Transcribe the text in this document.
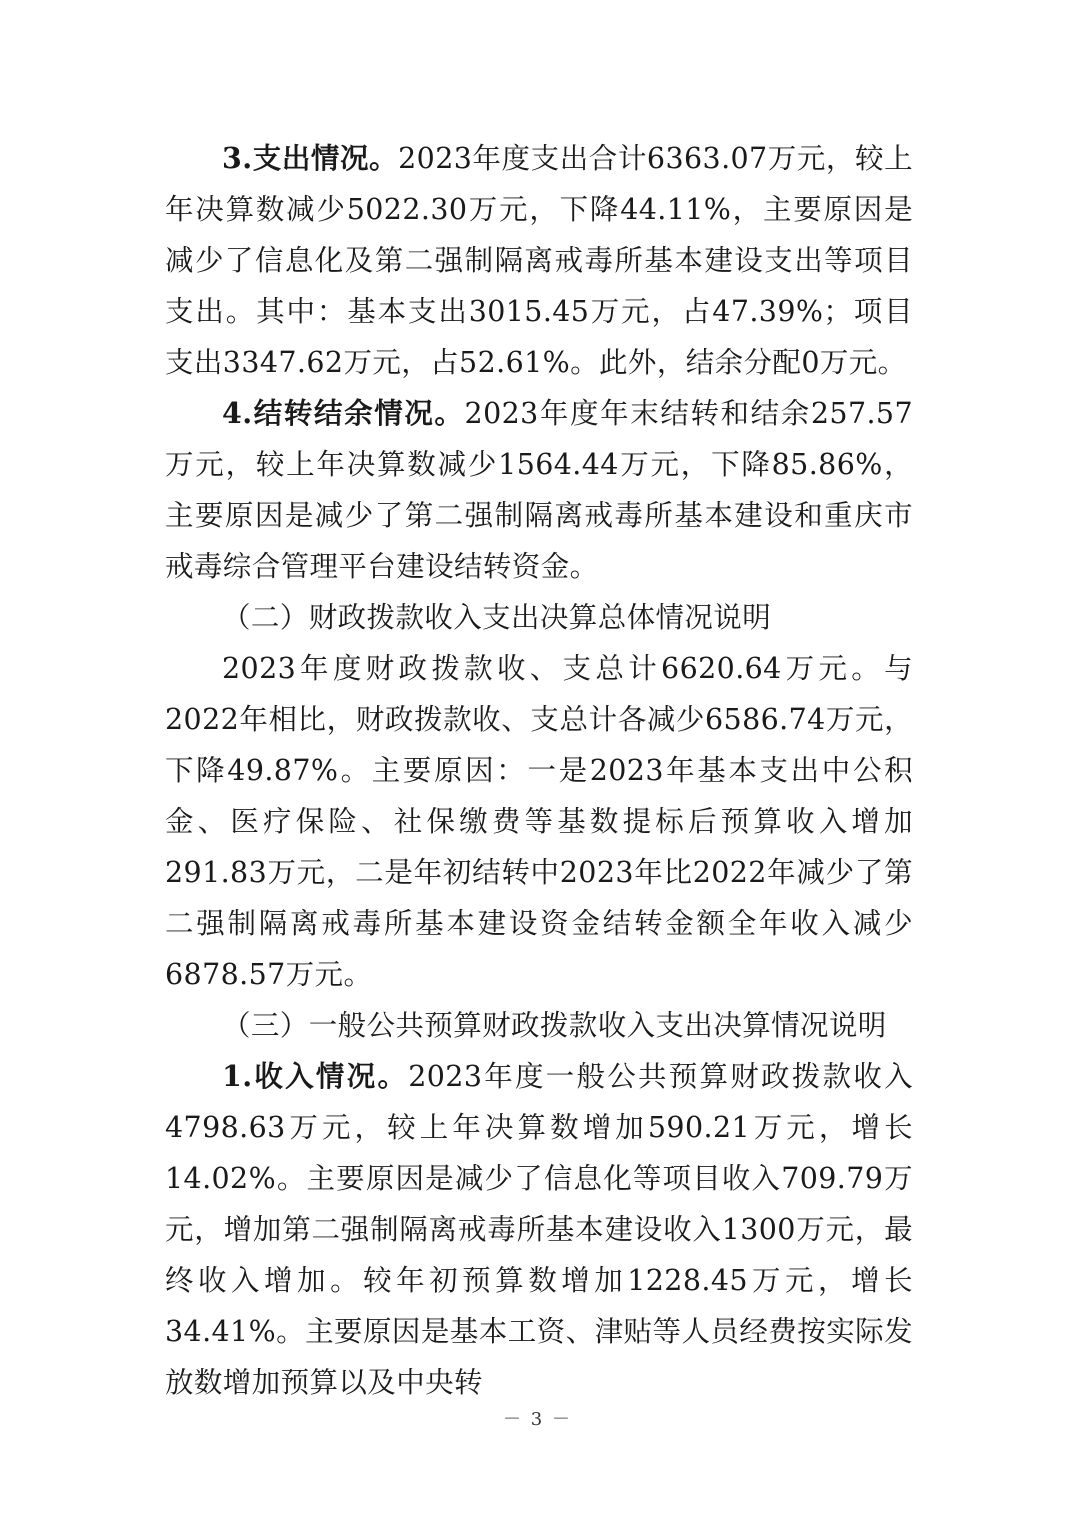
3.支出情况。2023年度支出合计6363.07万元，较上年决算数减少5022.30万元，下降44.11%，主要原因是减少了信息化及第二强制隔离戒毒所基本建设支出等项目支出。其中：基本支出3015.45万元，占47.39%；项目支出3347.62万元，占52.61%。此外，结余分配0万元。

4.结转结余情况。2023年度年末结转和结余257.57万元，较上年决算数减少1564.44万元，下降85.86%，主要原因是减少了第二强制隔离戒毒所基本建设和重庆市戒毒综合管理平台建设结转资金。

（二）财政拨款收入支出决算总体情况说明

2023年度财政拨款收、支总计6620.64万元。与2022年相比，财政拨款收、支总计各减少6586.74万元，下降49.87%。主要原因：一是2023年基本支出中公积金、医疗保险、社保缴费等基数提标后预算收入增加291.83万元，二是年初结转中2023年比2022年减少了第二强制隔离戒毒所基本建设资金结转金额全年收入减少6878.57万元。

（三）一般公共预算财政拨款收入支出决算情况说明

1.收入情况。2023年度一般公共预算财政拨款收入4798.63万元，较上年决算数增加590.21万元，增长14.02%。主要原因是减少了信息化等项目收入709.79万元，增加第二强制隔离戒毒所基本建设收入1300万元，最终收入增加。较年初预算数增加1228.45万元，增长34.41%。主要原因是基本工资、津贴等人员经费按实际发放数增加预算以及中央转

－ 3 －
